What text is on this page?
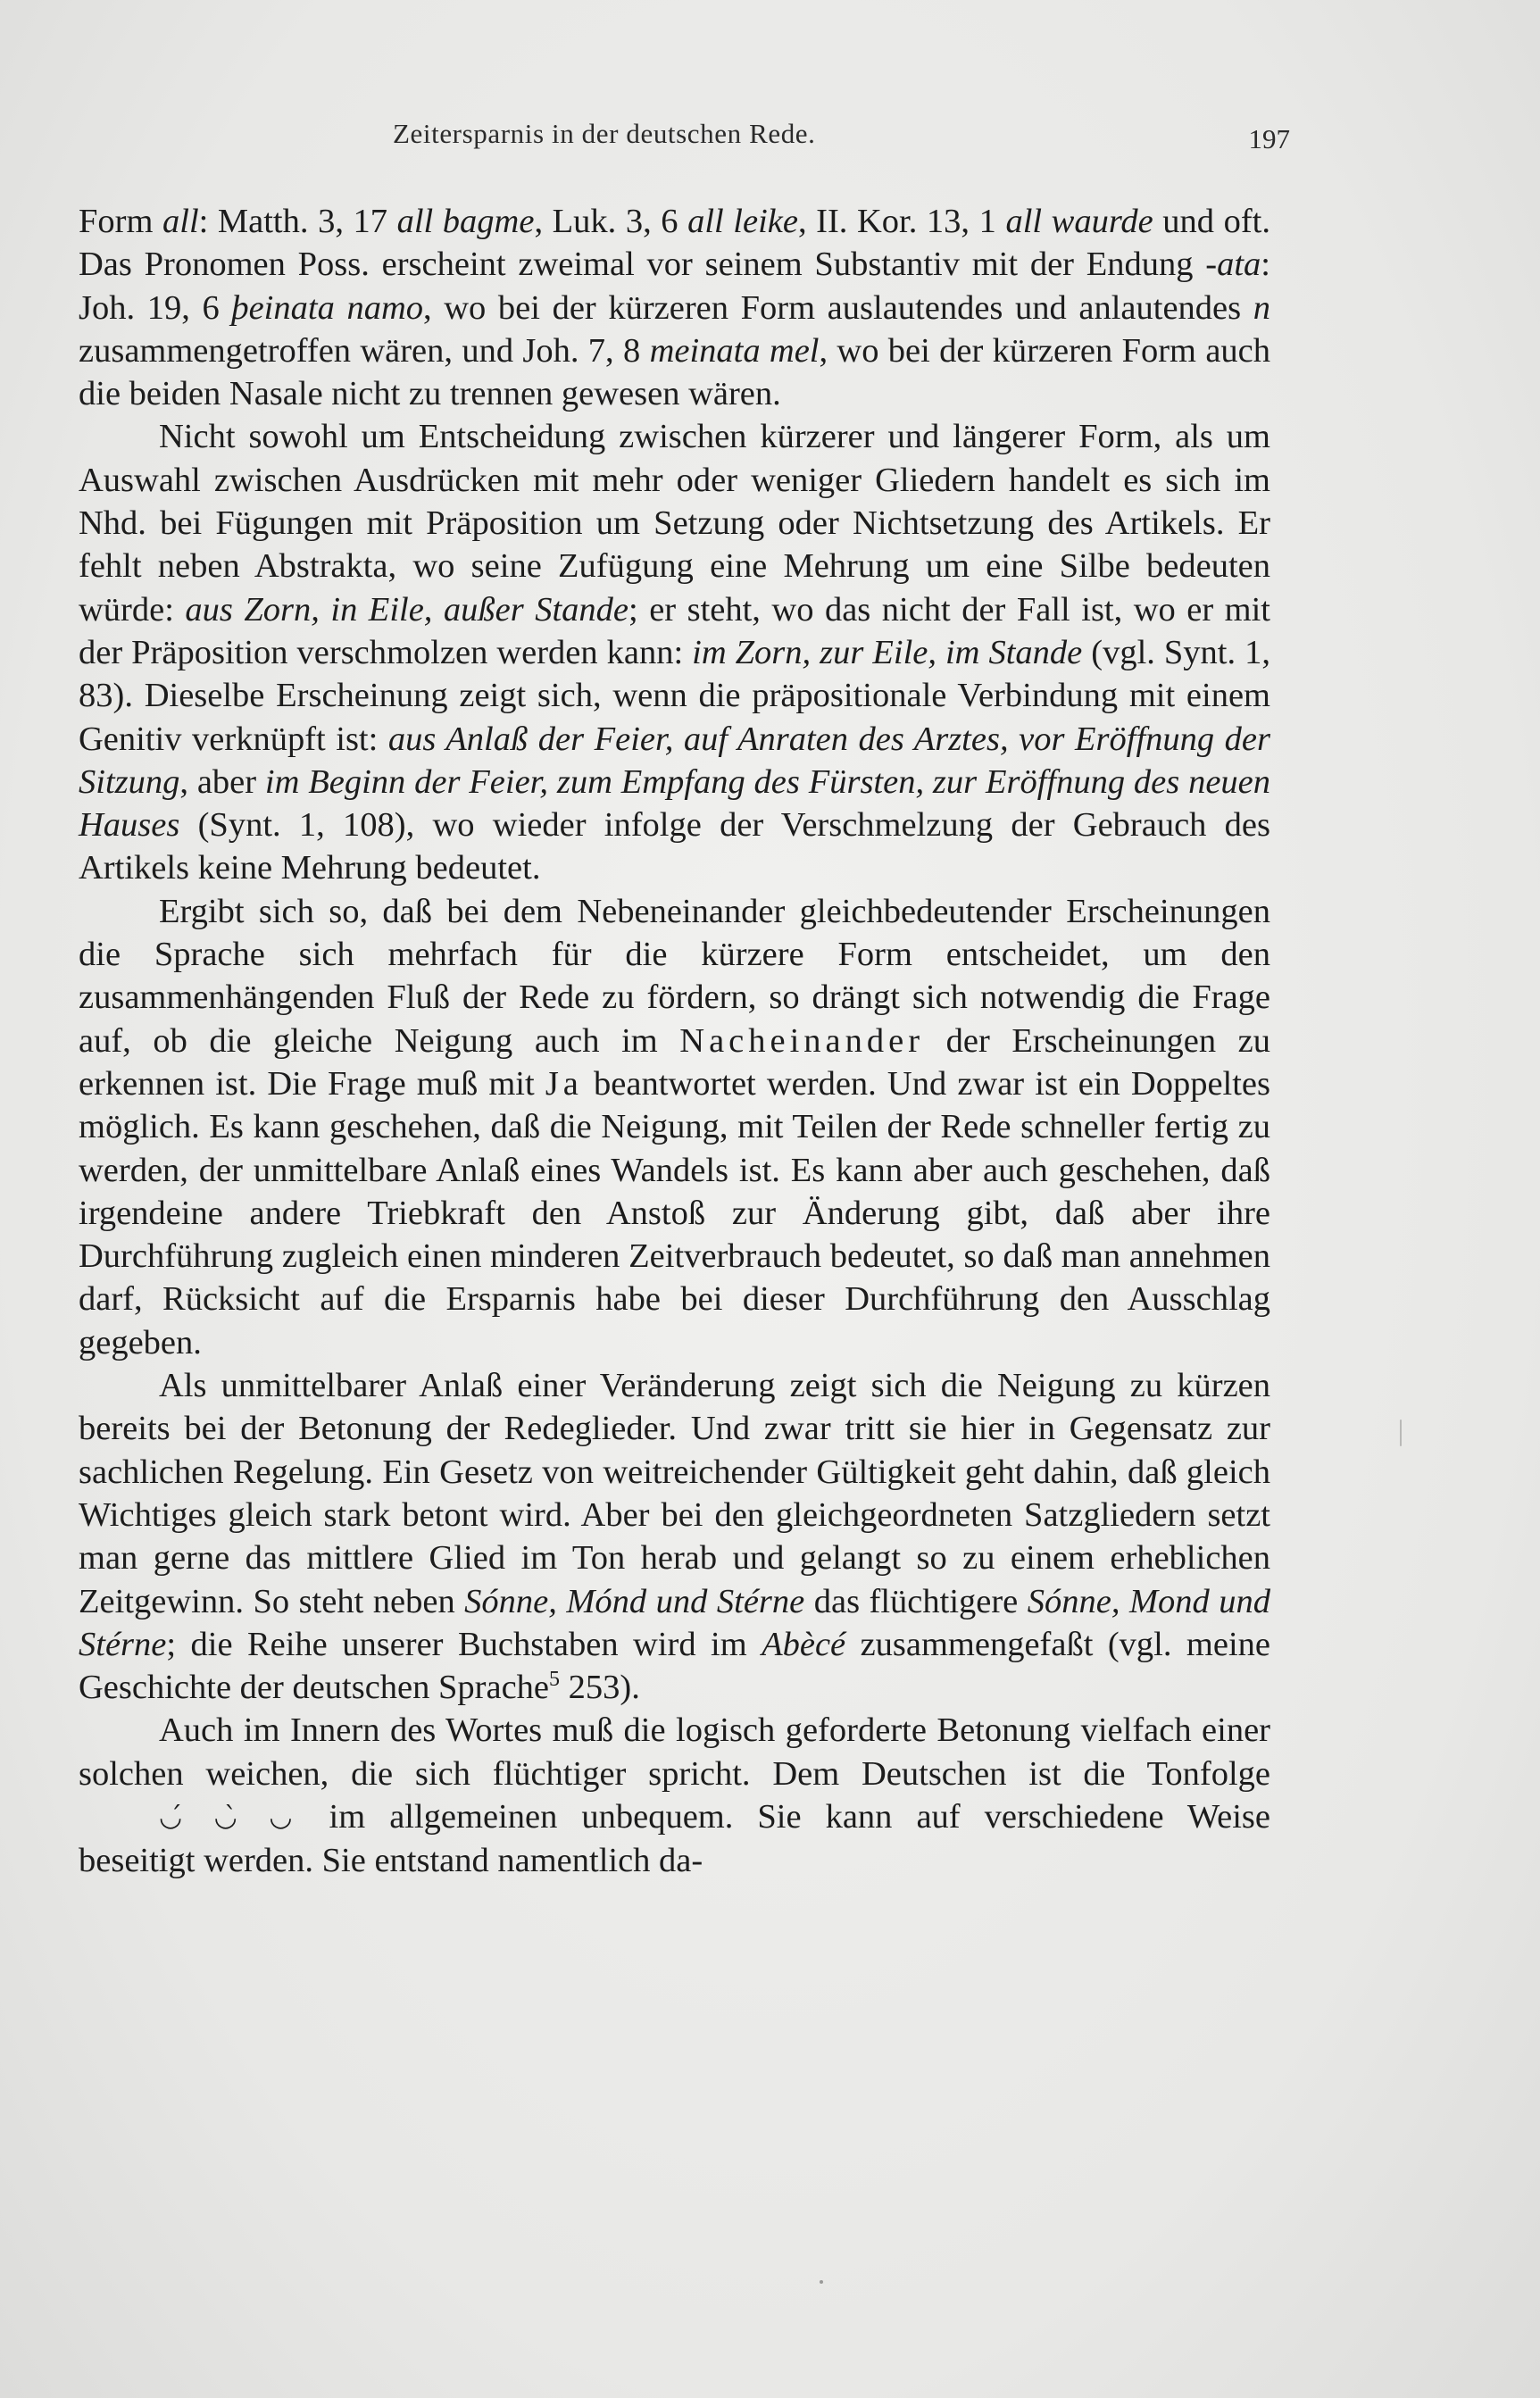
Zeitersparnis in der deutschen Rede.	197

Form all: Matth. 3, 17 all bagme, Luk. 3, 6 all leike, II. Kor. 13, 1 all waurde und oft. Das Pronomen Poss. erscheint zweimal vor seinem Substantiv mit der Endung -ata: Joh. 19, 6 þeinata namo, wo bei der kürzeren Form auslautendes und anlautendes n zusammengetroffen wären, und Joh. 7, 8 meinata mel, wo bei der kürzeren Form auch die beiden Nasale nicht zu trennen gewesen wären.

Nicht sowohl um Entscheidung zwischen kürzerer und längerer Form, als um Auswahl zwischen Ausdrücken mit mehr oder weniger Gliedern handelt es sich im Nhd. bei Fügungen mit Präposition um Setzung oder Nichtsetzung des Artikels. Er fehlt neben Abstrakta, wo seine Zufügung eine Mehrung um eine Silbe bedeuten würde: aus Zorn, in Eile, außer Stande; er steht, wo das nicht der Fall ist, wo er mit der Präposition verschmolzen werden kann: im Zorn, zur Eile, im Stande (vgl. Synt. 1, 83). Dieselbe Erscheinung zeigt sich, wenn die präpositionale Verbindung mit einem Genitiv verknüpft ist: aus Anlaß der Feier, auf Anraten des Arztes, vor Eröffnung der Sitzung, aber im Beginn der Feier, zum Empfang des Fürsten, zur Eröffnung des neuen Hauses (Synt. 1, 108), wo wieder infolge der Verschmelzung der Gebrauch des Artikels keine Mehrung bedeutet.

Ergibt sich so, daß bei dem Nebeneinander gleichbedeutender Erscheinungen die Sprache sich mehrfach für die kürzere Form entscheidet, um den zusammenhängenden Fluß der Rede zu fördern, so drängt sich notwendig die Frage auf, ob die gleiche Neigung auch im Nacheinander der Erscheinungen zu erkennen ist. Die Frage muß mit Ja beantwortet werden. Und zwar ist ein Doppeltes möglich. Es kann geschehen, daß die Neigung, mit Teilen der Rede schneller fertig zu werden, der unmittelbare Anlaß eines Wandels ist. Es kann aber auch geschehen, daß irgendeine andere Triebkraft den Anstoß zur Änderung gibt, daß aber ihre Durchführung zugleich einen minderen Zeitverbrauch bedeutet, so daß man annehmen darf, Rücksicht auf die Ersparnis habe bei dieser Durchführung den Ausschlag gegeben.

Als unmittelbarer Anlaß einer Veränderung zeigt sich die Neigung zu kürzen bereits bei der Betonung der Redeglieder. Und zwar tritt sie hier in Gegensatz zur sachlichen Regelung. Ein Gesetz von weitreichender Gültigkeit geht dahin, daß gleich Wichtiges gleich stark betont wird. Aber bei den gleichgeordneten Satzgliedern setzt man gerne das mittlere Glied im Ton herab und gelangt so zu einem erheblichen Zeitgewinn. So steht neben Sónne, Mónd und Stérne das flüchtigere Sónne, Mond und Stérne; die Reihe unserer Buchstaben wird im Abècé zusammengefaßt (vgl. meine Geschichte der deutschen Sprache$^5$ 253).

Auch im Innern des Wortes muß die logisch geforderte Betonung vielfach einer solchen weichen, die sich flüchtiger spricht. Dem Deutschen ist die Tonfolge ◡́ ◡̀ ◡ im allgemeinen unbequem. Sie kann auf verschiedene Weise beseitigt werden. Sie entstand namentlich da-
